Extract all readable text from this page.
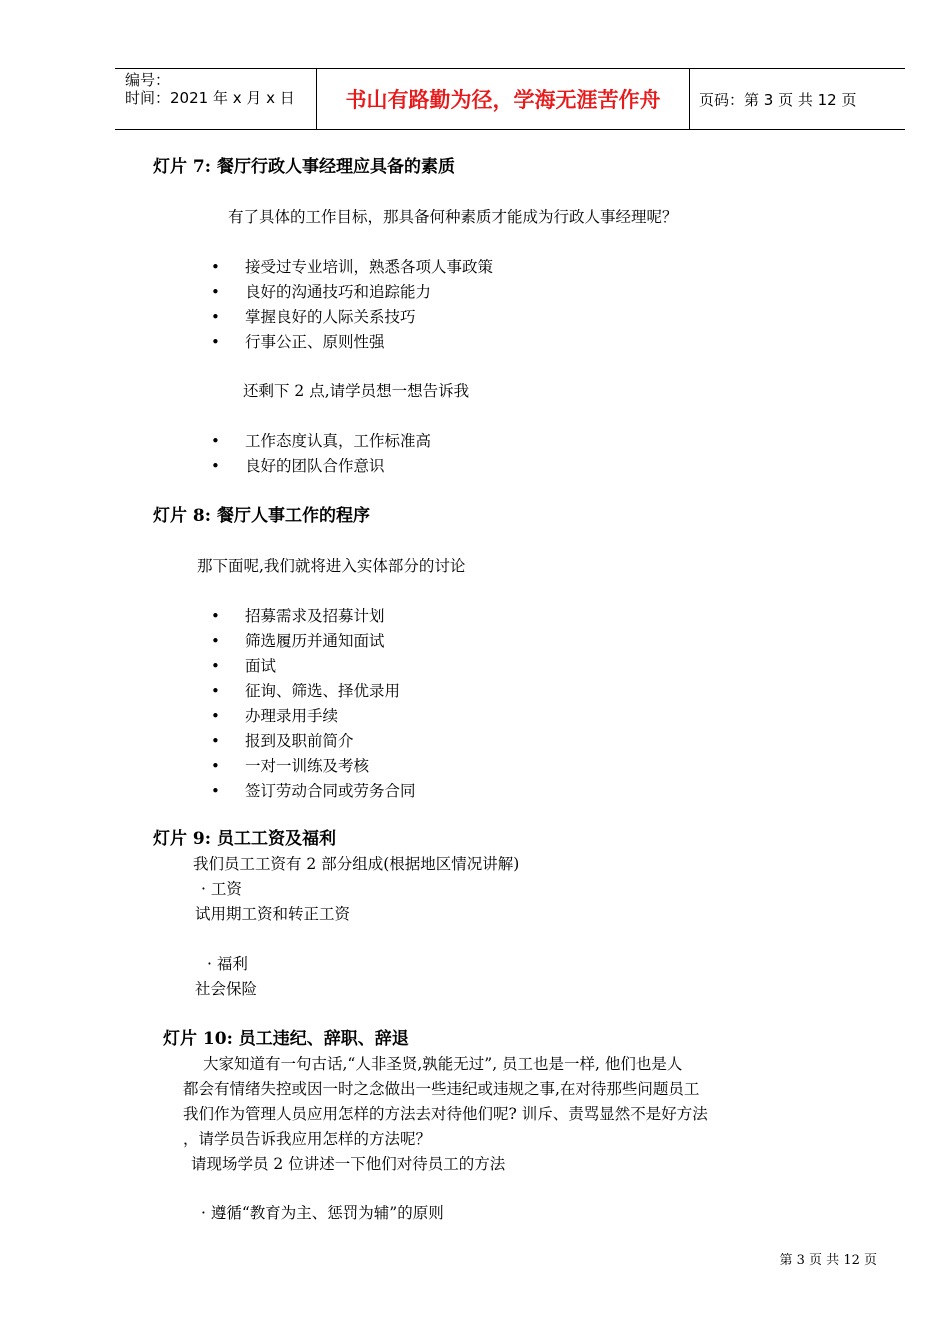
编号：
时间：2021 年 x 月 x 日 书山有路勤为径，学海无涯苦作舟	页码：第 3 页 共 12 页
灯片 7: 餐厅行政人事经理应具备的素质
有了具体的工作目标，那具备何种素质才能成为行政人事经理呢？
• 接受过专业培训，熟悉各项人事政策
• 良好的沟通技巧和追踪能力
• 掌握良好的人际关系技巧
• 行事公正、原则性强
还剩下 2 点,请学员想一想告诉我
• 工作态度认真，工作标准高
• 良好的团队合作意识
灯片 8: 餐厅人事工作的程序
那下面呢,我们就将进入实体部分的讨论
• 招募需求及招募计划
• 筛选履历并通知面试
• 面试
• 征询、筛选、择优录用
• 办理录用手续
• 报到及职前简介
• 一对一训练及考核
• 签订劳动合同或劳务合同
灯片 9: 员工工资及福利
我们员工工资有 2 部分组成(根据地区情况讲解)
· 工资
试用期工资和转正工资
· 福利
社会保险
灯片 10: 员工违纪、辞职、辞退
大家知道有一句古话,“人非圣贤,孰能无过”, 员工也是一样, 他们也是人
都会有情绪失控或因一时之念做出一些违纪或违规之事,在对待那些问题员工
我们作为管理人员应用怎样的方法去对待他们呢? 训斥、责骂显然不是好方法
，请学员告诉我应用怎样的方法呢？
请现场学员 2 位讲述一下他们对待员工的方法
· 遵循“教育为主、惩罚为辅”的原则
第 3 页 共 12 页
